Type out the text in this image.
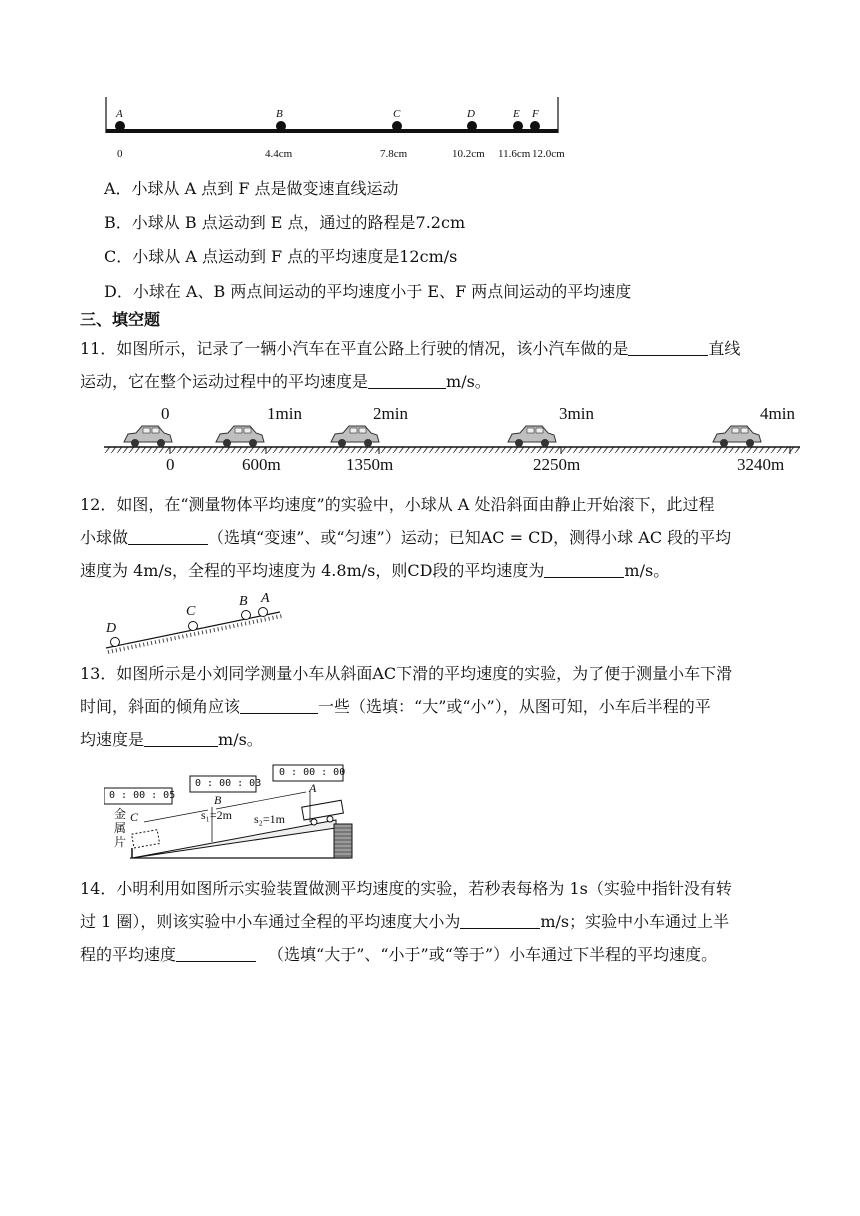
A	B	C	D	E F
0	4.4cm	7.8cm	10.2cm 11.6cm 12.0cm
A．小球从 A 点到 F 点是做变速直线运动
B．小球从 B 点运动到 E 点，通过的路程是7.2cm
C．小球从 A 点运动到 F 点的平均速度是12cm/s
D．小球在 A、B 两点间运动的平均速度小于 E、F 两点间运动的平均速度
三、填空题
11．如图所示，记录了一辆小汽车在平直公路上行驶的情况，该小汽车做的是	直线
运动，它在整个运动过程中的平均速度是	m/s。
0	1min	2min	3min	4min
0	600m	1350m	2250m	3240m
12．如图，在“测量物体平均速度”的实验中，小球从 A 处沿斜面由静止开始滚下，此过程
小球做	（选填“变速”、或“匀速”）运动；已知AC = CD，测得小球 AC 段的平均
速度为 4m/s，全程的平均速度为 4.8m/s，则CD段的平均速度为	m/s。
D
C
B A
13．如图所示是小刘同学测量小车从斜面AC下滑的平均速度的实验，为了便于测量小车下滑
时间，斜面的倾角应该	一些（选填：“大”或“小”），从图可知，小车后半程的平
均速度是	m/s。
0 : 00 : 05
0 : 00 : 03
0 : 00 : 00
C
B
A
金
属
片
s₁=2m s₂=1m
14．小明利用如图所示实验装置做测平均速度的实验，若秒表每格为 1s（实验中指针没有转
过 1 圈），则该实验中小车通过全程的平均速度大小为	m/s；实验中小车通过上半
程的平均速度	（选填“大于”、“小于”或“等于”）小车通过下半程的平均速度。
